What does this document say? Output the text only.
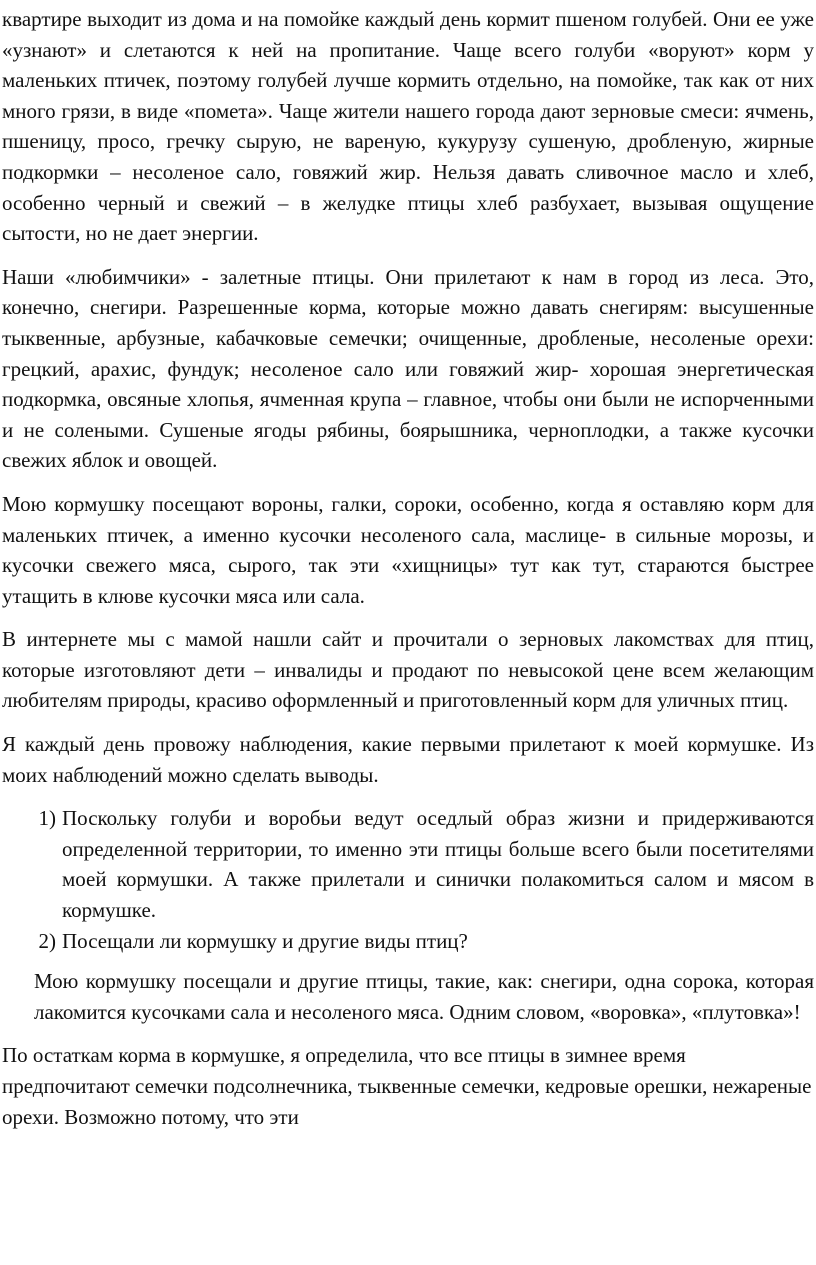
квартире выходит из дома и на помойке каждый день кормит пшеном голубей. Они ее уже «узнают» и слетаются к ней на пропитание. Чаще всего голуби «воруют» корм у маленьких птичек, поэтому голубей лучше кормить отдельно, на помойке, так как от них много грязи, в виде «помета». Чаще жители нашего города дают зерновые смеси: ячмень, пшеницу, просо, гречку сырую, не вареную, кукурузу сушеную, дробленую, жирные подкормки – несоленое сало, говяжий жир. Нельзя давать сливочное масло и хлеб, особенно черный и свежий – в желудке птицы хлеб разбухает, вызывая ощущение сытости, но не дает энергии.

Наши «любимчики» - залетные птицы. Они прилетают к нам в город из леса. Это, конечно, снегири. Разрешенные корма, которые можно давать снегирям: высушенные тыквенные, арбузные, кабачковые семечки; очищенные, дробленые, несоленые орехи: грецкий, арахис, фундук; несоленое сало или говяжий жир- хорошая энергетическая подкормка, овсяные хлопья, ячменная крупа – главное, чтобы они были не испорченными и не солеными. Сушеные ягоды рябины, боярышника, черноплодки, а также кусочки свежих яблок и овощей.

Мою кормушку посещают вороны, галки, сороки, особенно, когда я оставляю корм для маленьких птичек, а именно кусочки несоленого сала, маслице- в сильные морозы, и кусочки свежего мяса, сырого, так эти «хищницы» тут как тут, стараются быстрее утащить в клюве кусочки мяса или сала.

В интернете мы с мамой нашли сайт и прочитали о зерновых лакомствах для птиц, которые изготовляют дети – инвалиды и продают по невысокой цене всем желающим любителям природы, красиво оформленный и приготовленный корм для уличных птиц.

Я каждый день провожу наблюдения, какие первыми прилетают к моей кормушке. Из моих наблюдений можно сделать выводы.

1) Поскольку голуби и воробьи ведут оседлый образ жизни и придерживаются определенной территории, то именно эти птицы больше всего были посетителями моей кормушки. А также прилетали и синички полакомиться салом и мясом в кормушке.
2) Посещали ли кормушку и другие виды птиц?

Мою кормушку посещали и другие птицы, такие, как: снегири, одна сорока, которая лакомится кусочками сала и несоленого мяса. Одним словом, «воровка», «плутовка»!

По остаткам корма в кормушке, я определила, что все птицы в зимнее время предпочитают семечки подсолнечника, тыквенные семечки, кедровые орешки, нежареные орехи. Возможно потому, что эти
